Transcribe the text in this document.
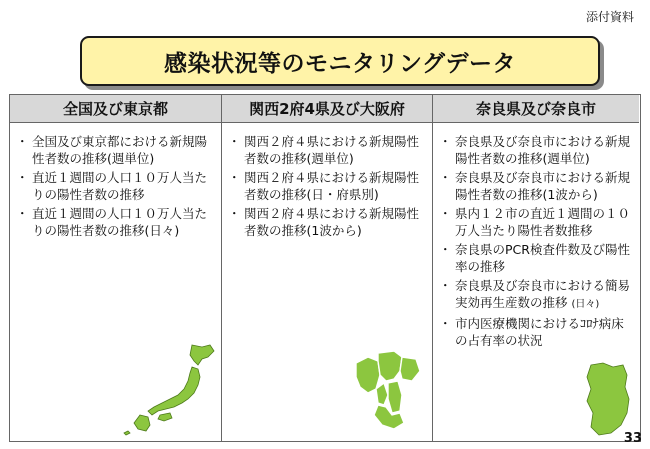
添付資料
感染状況等のモニタリングデータ
全国及び東京都
・ 全国及び東京都における新規陽性者数の推移(週単位)
・ 直近１週間の人口１０万人当たりの陽性者数の推移
・ 直近１週間の人口１０万人当たりの陽性者数の推移(日々)
関西2府4県及び大阪府
・ 関西２府４県における新規陽性者数の推移(週単位)
・ 関西２府４県における新規陽性者数の推移(日・府県別)
・ 関西２府４県における新規陽性者数の推移(1波から)
奈良県及び奈良市
・ 奈良県及び奈良市における新規陽性者数の推移(週単位)
・ 奈良県及び奈良市における新規陽性者数の推移(1波から)
・ 県内１２市の直近１週間の１０万人当たり陽性者数推移
・ 奈良県のPCR検査件数及び陽性率の推移
・ 奈良県及び奈良市における簡易実効再生産数の推移 (日々)
・ 市内医療機関におけるｺﾛﾅ病床の占有率の状況
33
